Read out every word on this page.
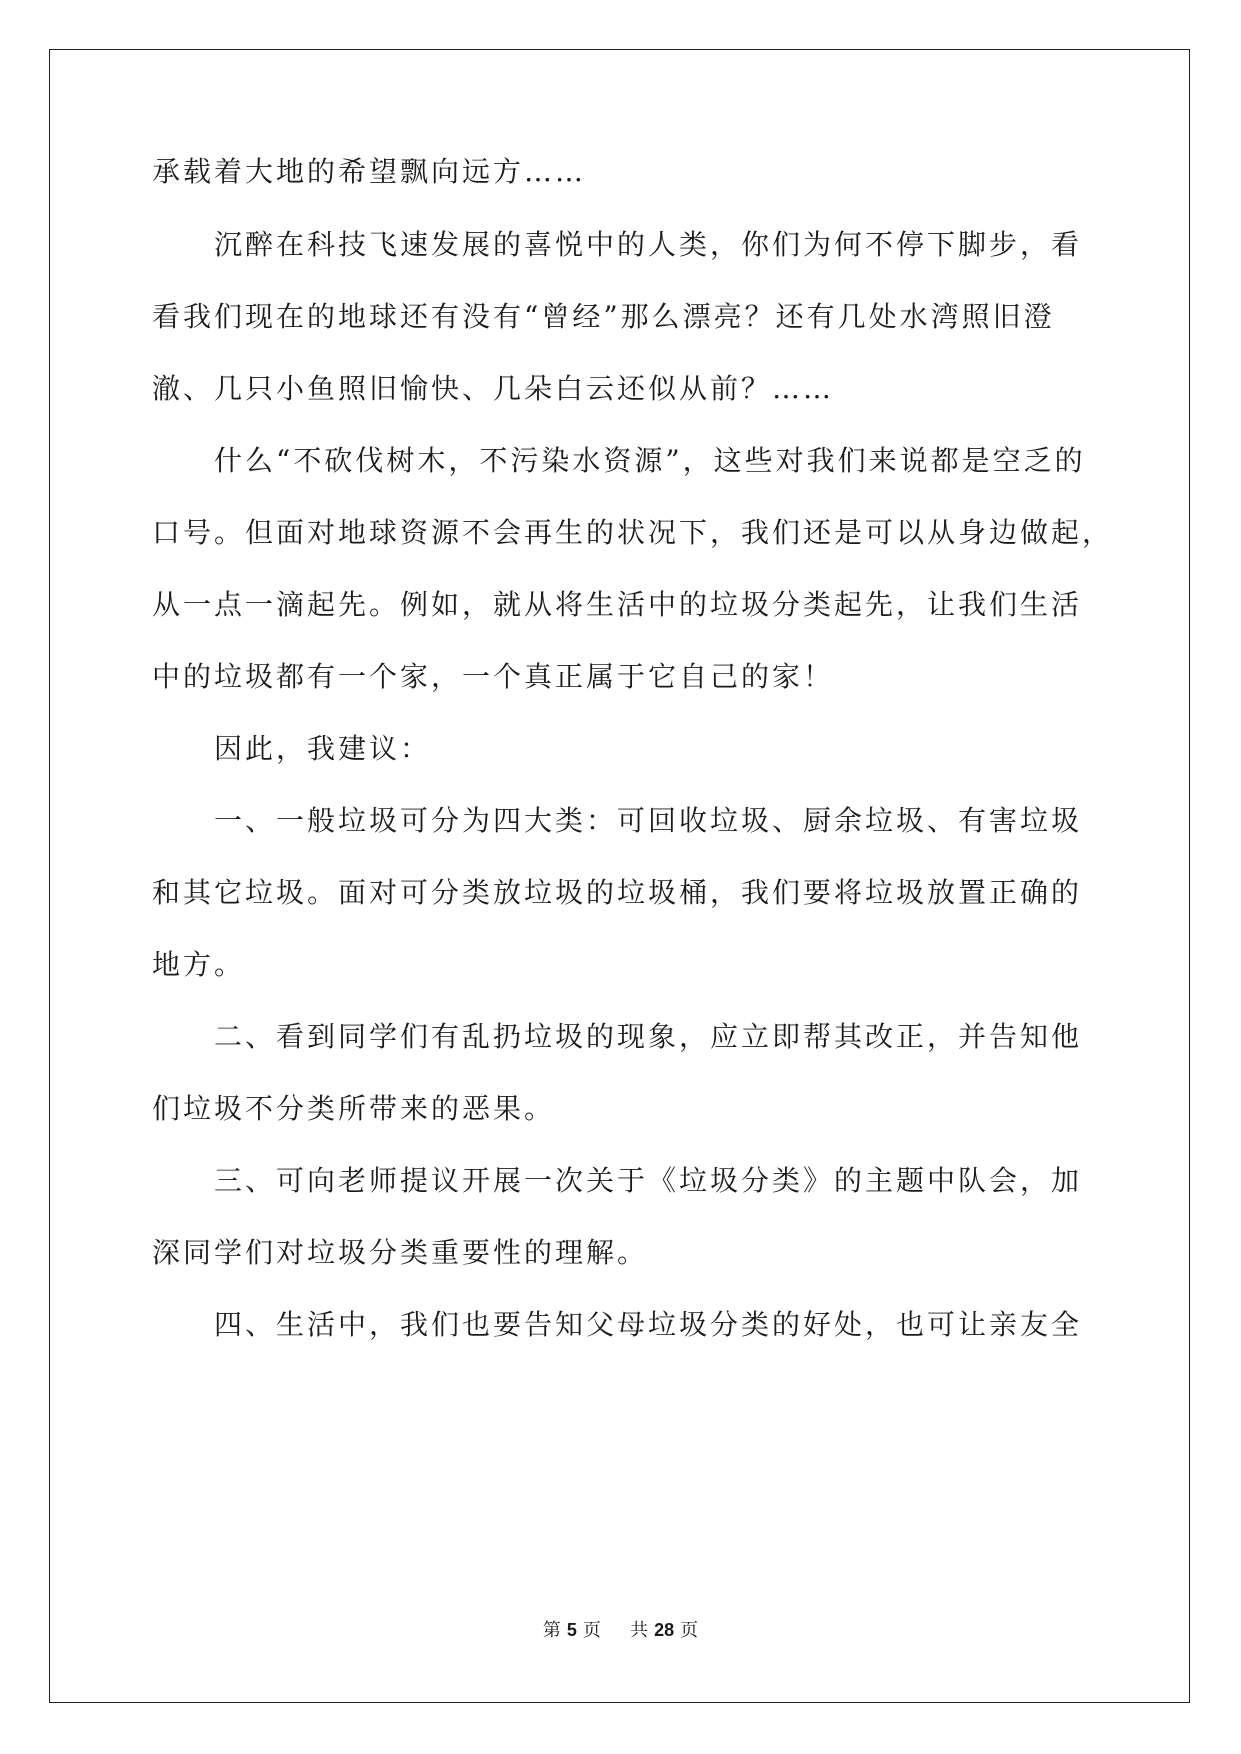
承载着大地的希望飘向远方……
沉醉在科技飞速发展的喜悦中的人类，你们为何不停下脚步，看
看我们现在的地球还有没有“曾经”那么漂亮？还有几处水湾照旧澄
澈、几只小鱼照旧愉快、几朵白云还似从前？……
什么“不砍伐树木，不污染水资源”，这些对我们来说都是空乏的
口号。但面对地球资源不会再生的状况下，我们还是可以从身边做起，
从一点一滴起先。例如，就从将生活中的垃圾分类起先，让我们生活
中的垃圾都有一个家，一个真正属于它自己的家！
因此，我建议：
一、一般垃圾可分为四大类：可回收垃圾、厨余垃圾、有害垃圾
和其它垃圾。面对可分类放垃圾的垃圾桶，我们要将垃圾放置正确的
地方。
二、看到同学们有乱扔垃圾的现象，应立即帮其改正，并告知他
们垃圾不分类所带来的恶果。
三、可向老师提议开展一次关于《垃圾分类》的主题中队会，加
深同学们对垃圾分类重要性的理解。
四、生活中，我们也要告知父母垃圾分类的好处，也可让亲友全
第 5 页 共 28 页
